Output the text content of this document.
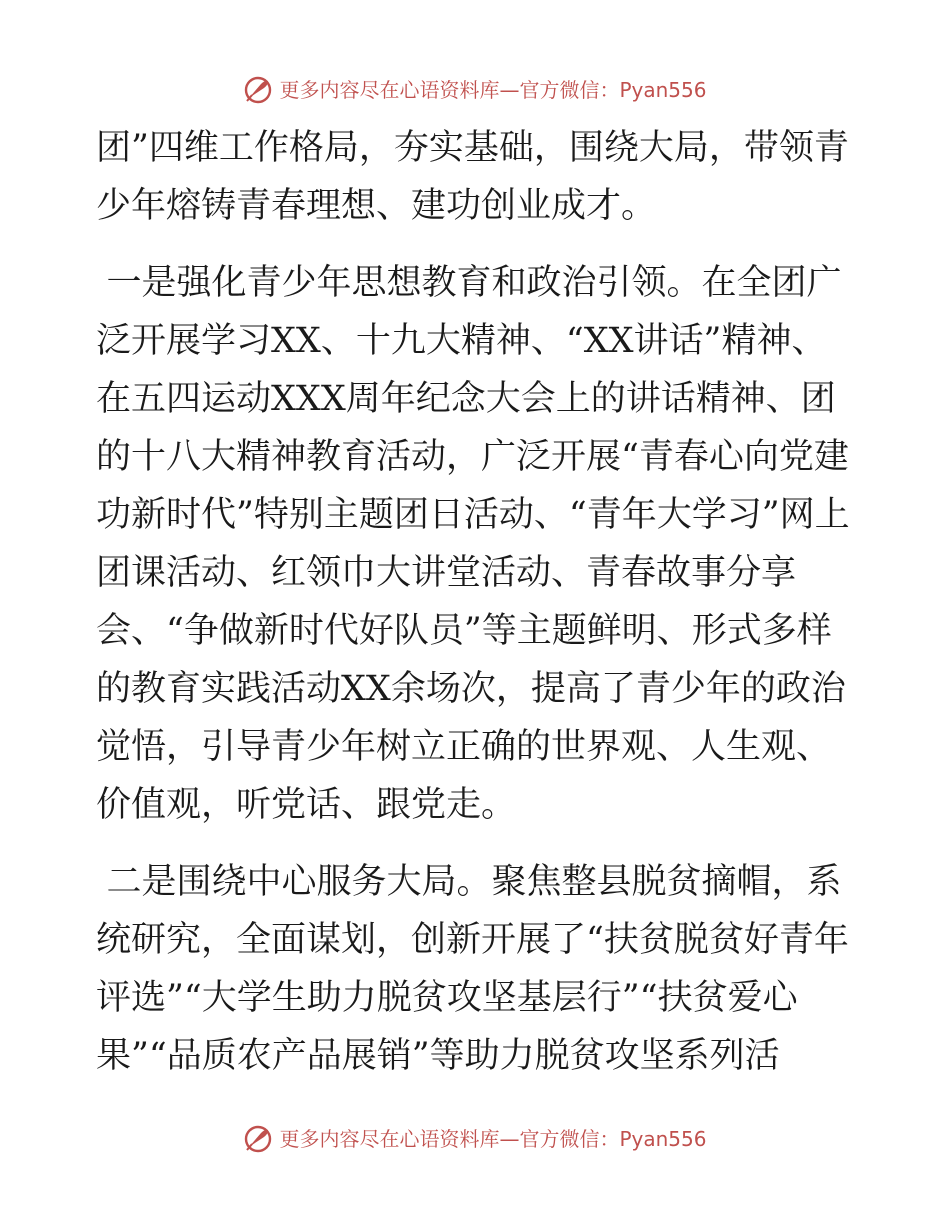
更多内容尽在心语资料库—官方微信：Pyan556

团”四维工作格局，夯实基础，围绕大局，带领青少年熔铸青春理想、建功创业成才。

一是强化青少年思想教育和政治引领。在全团广泛开展学习XX、十九大精神、“XX讲话”精神、在五四运动XXX周年纪念大会上的讲话精神、团的十八大精神教育活动，广泛开展“青春心向党建功新时代”特别主题团日活动、“青年大学习”网上团课活动、红领巾大讲堂活动、青春故事分享会、“争做新时代好队员”等主题鲜明、形式多样的教育实践活动XX余场次，提高了青少年的政治觉悟，引导青少年树立正确的世界观、人生观、价值观，听党话、跟党走。

二是围绕中心服务大局。聚焦整县脱贫摘帽，系统研究，全面谋划，创新开展了“扶贫脱贫好青年评选”“大学生助力脱贫攻坚基层行”“扶贫爱心果”“品质农产品展销”等助力脱贫攻坚系列活

更多内容尽在心语资料库—官方微信：Pyan556
